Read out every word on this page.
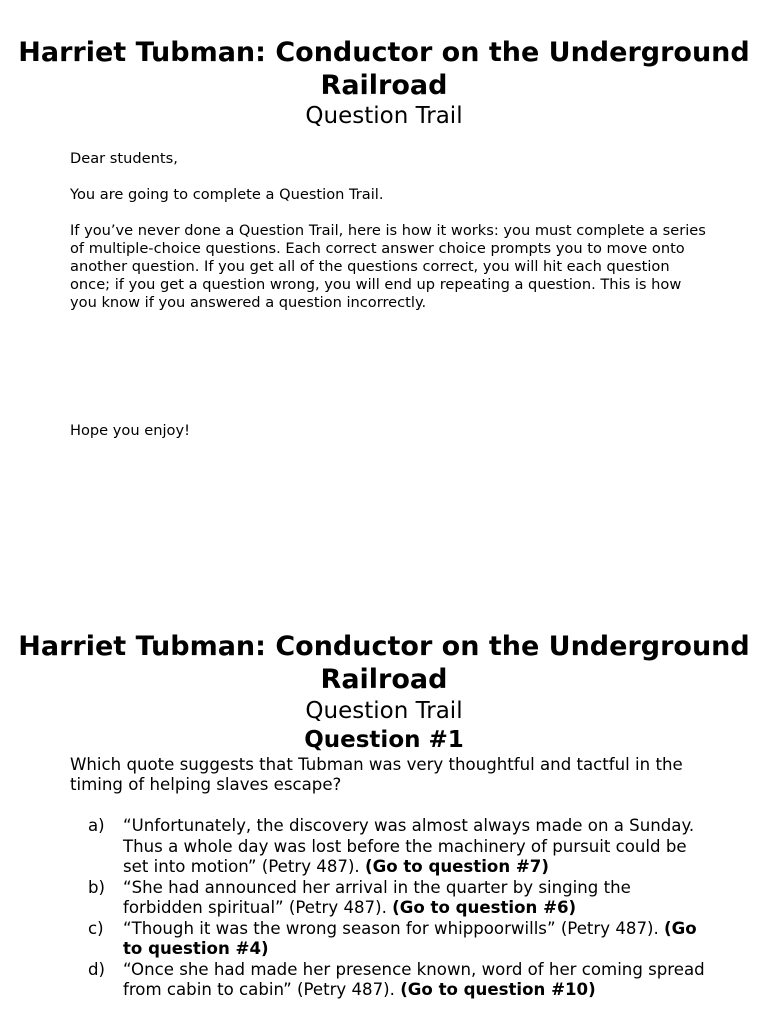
Harriet Tubman: Conductor on the Underground Railroad
Question Trail
Dear students,
You are going to complete a Question Trail.
If you’ve never done a Question Trail, here is how it works: you must complete a series of multiple-choice questions. Each correct answer choice prompts you to move onto another question. If you get all of the questions correct, you will hit each question once; if you get a question wrong, you will end up repeating a question. This is how you know if you answered a question incorrectly.
Hope you enjoy!
Harriet Tubman: Conductor on the Underground Railroad
Question Trail
Question #1
Which quote suggests that Tubman was very thoughtful and tactful in the timing of helping slaves escape?
a)	“Unfortunately, the discovery was almost always made on a Sunday. Thus a whole day was lost before the machinery of pursuit could be set into motion” (Petry 487). (Go to question #7)
b)	“She had announced her arrival in the quarter by singing the forbidden spiritual” (Petry 487). (Go to question #6)
c)	“Though it was the wrong season for whippoorwills” (Petry 487). (Go to question #4)
d)	“Once she had made her presence known, word of her coming spread from cabin to cabin” (Petry 487). (Go to question #10)
